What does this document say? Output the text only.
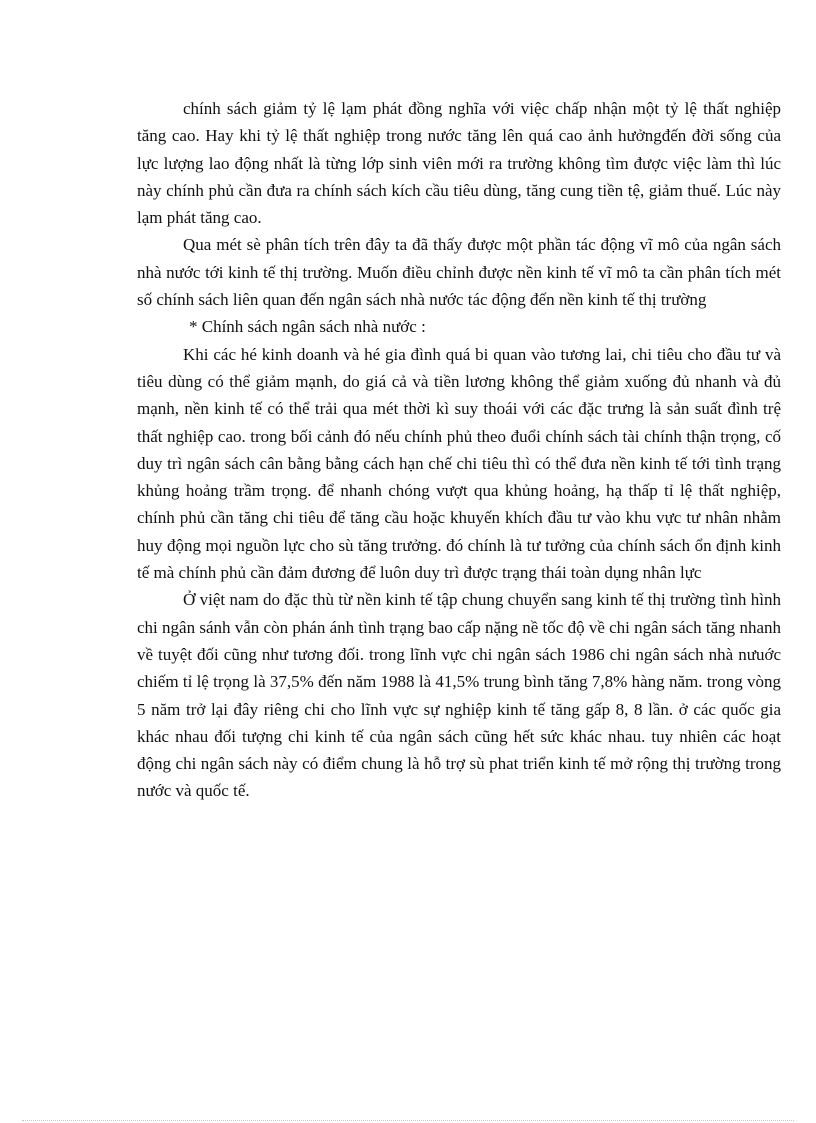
chính sách giảm tỷ lệ lạm phát đồng nghĩa với việc chấp nhận một tỷ lệ thất nghiệp tăng cao. Hay khi tỷ lệ thất nghiệp trong nước tăng lên quá cao ảnh hưởngđến đời sống của lực lượng lao động nhất là từng lớp sinh viên mới ra trường không tìm được việc làm thì lúc này chính phủ cần đưa ra chính sách kích cầu tiêu dùng, tăng cung tiền tệ, giảm thuế. Lúc này lạm phát tăng cao.

Qua mét sè phân tích trên đây ta đã thấy được một phần tác động vĩ mô của ngân sách nhà nước tới kinh tế thị trường. Muốn điều chỉnh được nền kinh tế vĩ mô ta cần phân tích mét số chính sách liên quan đến ngân sách nhà nước tác động đến nền kinh tế thị trường

* Chính sách ngân sách nhà nước :

Khi các hé kinh doanh và hé gia đình quá bi quan vào tương lai, chi tiêu cho đầu tư và tiêu dùng có thể giảm mạnh, do giá cả và tiền lương không thể giảm xuống đủ nhanh và đủ mạnh, nền kinh tế có thể trải qua mét thời kì suy thoái với các đặc trưng là sản suất đình trệ thất nghiệp cao. trong bối cảnh đó nếu chính phủ theo đuổi chính sách tài chính thận trọng, cố duy trì ngân sách cân bằng bằng cách hạn chế chi tiêu thì có thể đưa nền kinh tế tới tình trạng khủng hoảng trầm trọng. để nhanh chóng vượt qua khủng hoảng, hạ thấp tỉ lệ thất nghiệp, chính phủ cần tăng chi tiêu để tăng cầu hoặc khuyến khích đầu tư vào khu vực tư nhân nhằm huy động mọi nguồn lực cho sù tăng trưởng. đó chính là tư tưởng của chính sách ổn định kinh tế mà chính phủ cần đảm đương để luôn duy trì được trạng thái toàn dụng nhân lực

Ở việt nam do đặc thù từ nền kinh tế tập chung chuyển sang kinh tế thị trường tình hình chi ngân sánh vẫn còn phán ánh tình trạng bao cấp nặng nề tốc độ về chi ngân sách tăng nhanh về tuyệt đối cũng như tương đối. trong lĩnh vực chi ngân sách 1986 chi ngân sách nhà nưuớc chiếm tỉ lệ trọng là 37,5% đến năm 1988 là 41,5% trung bình tăng 7,8% hàng năm. trong vòng 5 năm trở lại đây riêng chi cho lĩnh vực sự nghiệp kinh tế tăng gấp 8, 8 lần. ở các quốc gia khác nhau đối tượng chi kinh tế của ngân sách cũng hết sức khác nhau. tuy nhiên các hoạt động chi ngân sách này có điểm chung là hỗ trợ sù phat triển kinh tế mở rộng thị trường trong nước và quốc tế.
